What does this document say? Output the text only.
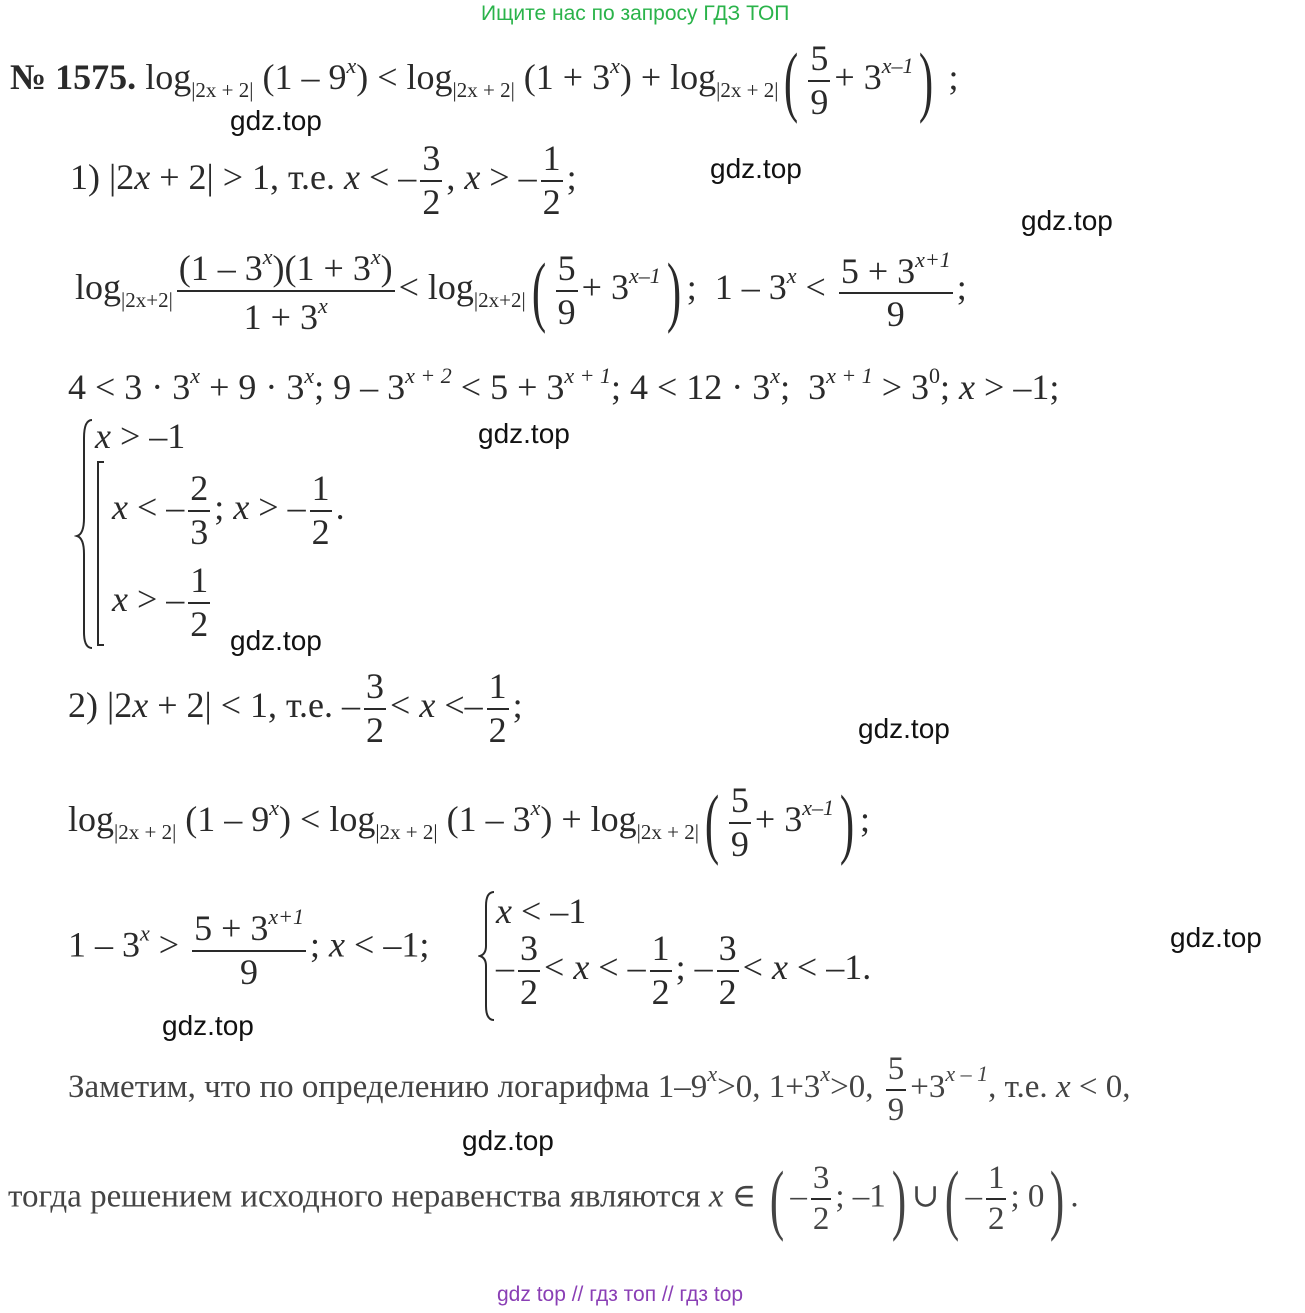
Ищите нас по запросу ГДЗ ТОП
gdz.top
gdz.top
gdz.top
gdz.top
gdz.top
gdz.top
gdz.top
gdz.top
gdz.top
№ 1575. $\log_{|2x + 2|} (1 - 9^x) < \log_{|2x + 2|} (1 + 3^x) + \log_{|2x + 2|}( \frac{5}{9} + 3^{x-1})$ ;
1) |2x + 2| > 1, т.е. x < – $\frac{3}{2}$ , x > – $\frac{1}{2}$ ;
$\log_{|2x+2|} \frac{(1 - 3^x)(1 + 3^x)}{1 + 3^x} < \log_{|2x+2|}( \frac{5}{9} + 3^{x-1})$ ;  $1 - 3^x < \frac{5 + 3^{x+1}}{9}$ ;
$4 < 3 \cdot 3^x + 9 \cdot 3^x$; $9 - 3^{x + 2} < 5 + 3^{x + 1}$; $4 < 12 \cdot 3^x$;  $3^{x + 1} > 3^0$; x > –1;
x > –1
x < – $\frac{2}{3}$ ; x > – $\frac{1}{2}$ .
x > – $\frac{1}{2}$
2) |2x + 2| < 1, т.е. – $\frac{3}{2} < x <- \frac{1}{2}$ ;
$\log_{|2x + 2|} (1 - 9^x) < \log_{|2x + 2|} (1 - 3^x) + \log_{|2x + 2|}( \frac{5}{9} + 3^{x-1})$ ;
$1 - 3^x > \frac{5 + 3^{x+1}}{9}$ ; x < –1;
x < –1
– $\frac{3}{2} < x$ < – $\frac{1}{2}$ ; – $\frac{3}{2} < x < -1$.
Заметим, что по определению логарифма $1-9^x>0$, $1+3^x>0$, $\frac{5}{9} +3^{x - 1}$, т.е. x < 0,
тогда решением исходного неравенства являются x ∈ ( – $\frac{3}{2}$ ; –1) ∪( – $\frac{1}{2}$ ; 0) .
gdz top // гдз топ // гдз top
